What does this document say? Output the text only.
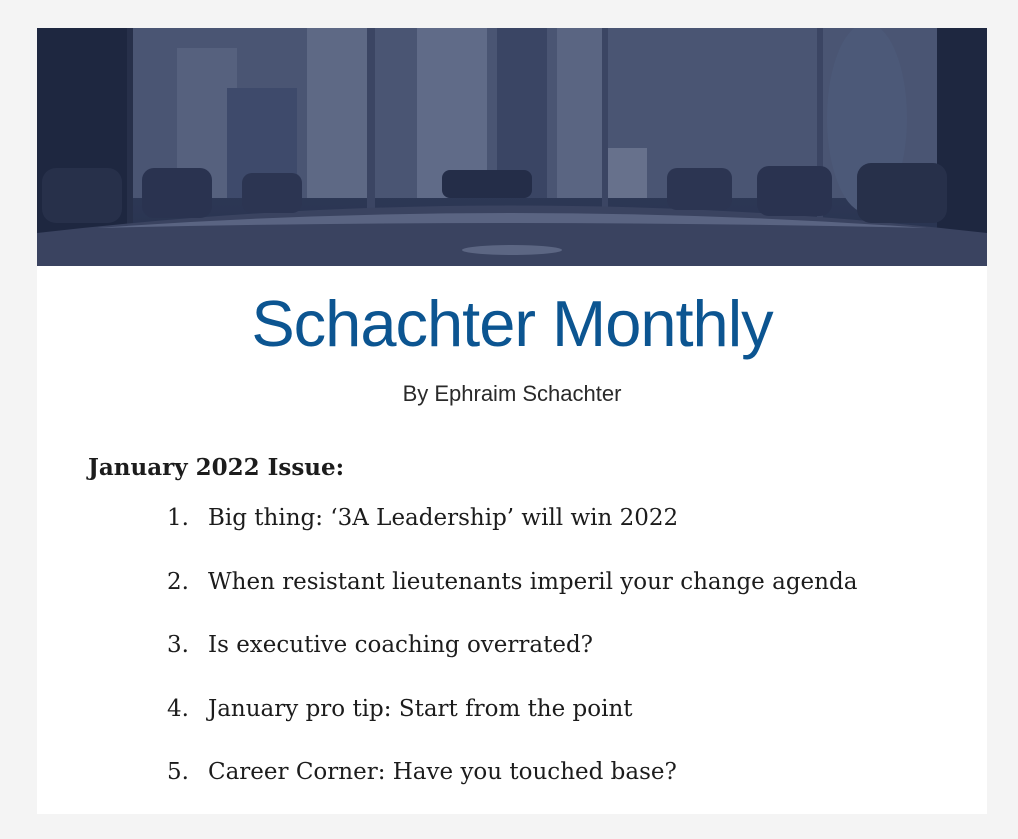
Schachter Monthly
By Ephraim Schachter
January 2022 Issue:
1. Big thing: ‘3A Leadership’ will win 2022
2. When resistant lieutenants imperil your change agenda
3. Is executive coaching overrated?
4. January pro tip: Start from the point
5. Career Corner: Have you touched base?
